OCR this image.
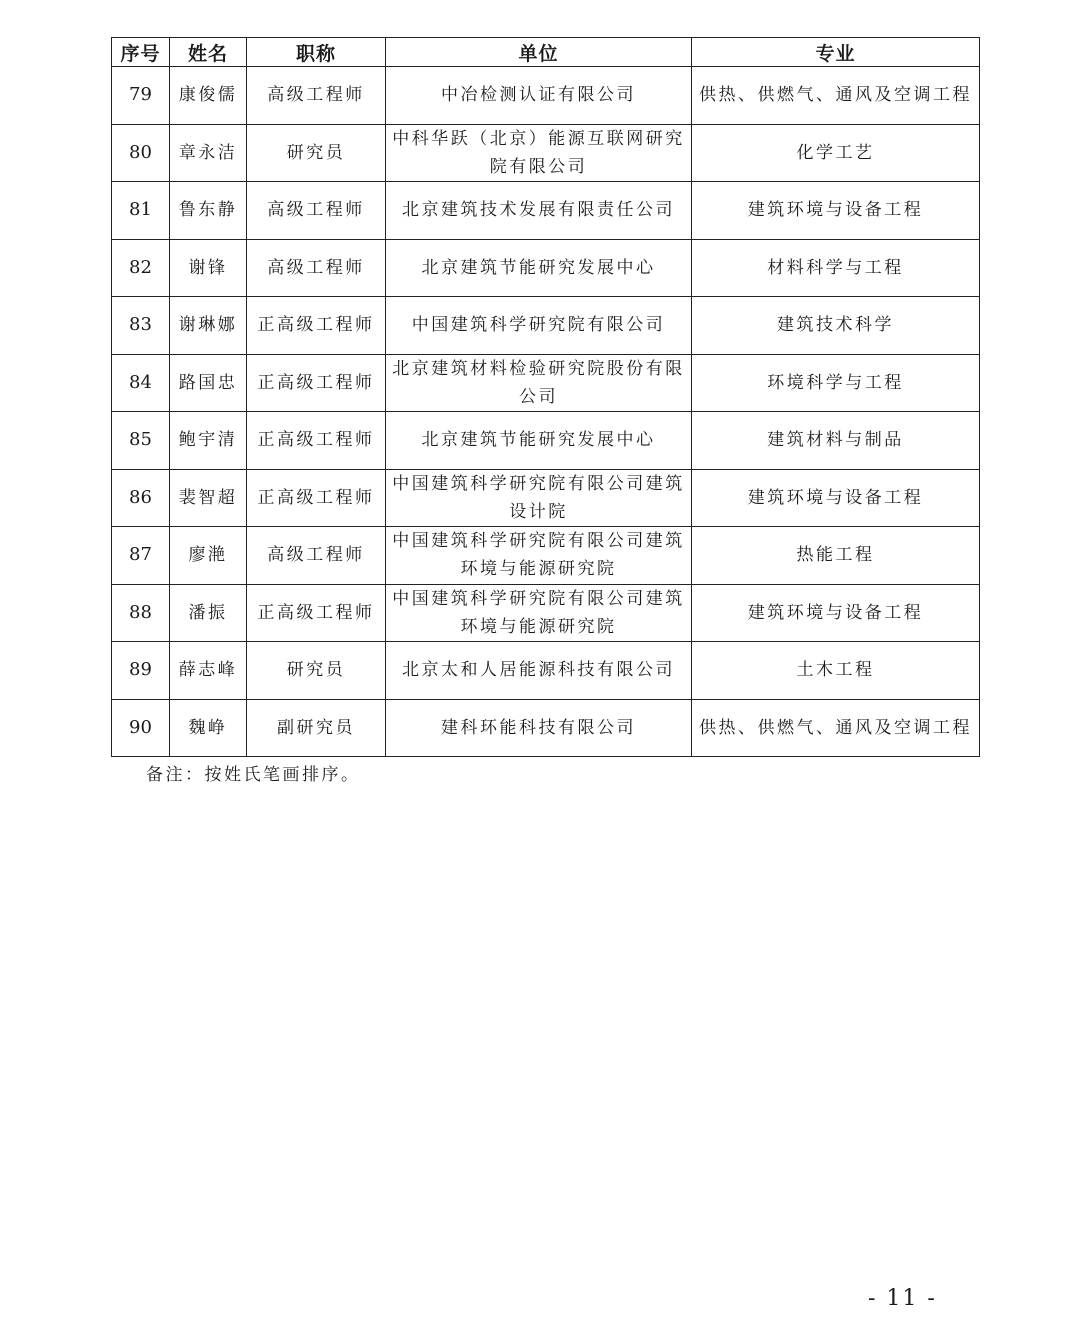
序号	姓名	职称	单位	专业
79	康俊儒	高级工程师	中冶检测认证有限公司	供热、供燃气、通风及空调工程
80	章永洁	研究员	中科华跃（北京）能源互联网研究院有限公司	化学工艺
81	鲁东静	高级工程师	北京建筑技术发展有限责任公司	建筑环境与设备工程
82	谢锋	高级工程师	北京建筑节能研究发展中心	材料科学与工程
83	谢琳娜	正高级工程师	中国建筑科学研究院有限公司	建筑技术科学
84	路国忠	正高级工程师	北京建筑材料检验研究院股份有限公司	环境科学与工程
85	鲍宇清	正高级工程师	北京建筑节能研究发展中心	建筑材料与制品
86	裴智超	正高级工程师	中国建筑科学研究院有限公司建筑设计院	建筑环境与设备工程
87	廖滟	高级工程师	中国建筑科学研究院有限公司建筑环境与能源研究院	热能工程
88	潘振	正高级工程师	中国建筑科学研究院有限公司建筑环境与能源研究院	建筑环境与设备工程
89	薛志峰	研究员	北京太和人居能源科技有限公司	土木工程
90	魏峥	副研究员	建科环能科技有限公司	供热、供燃气、通风及空调工程
备注：按姓氏笔画排序。
- 11 -
